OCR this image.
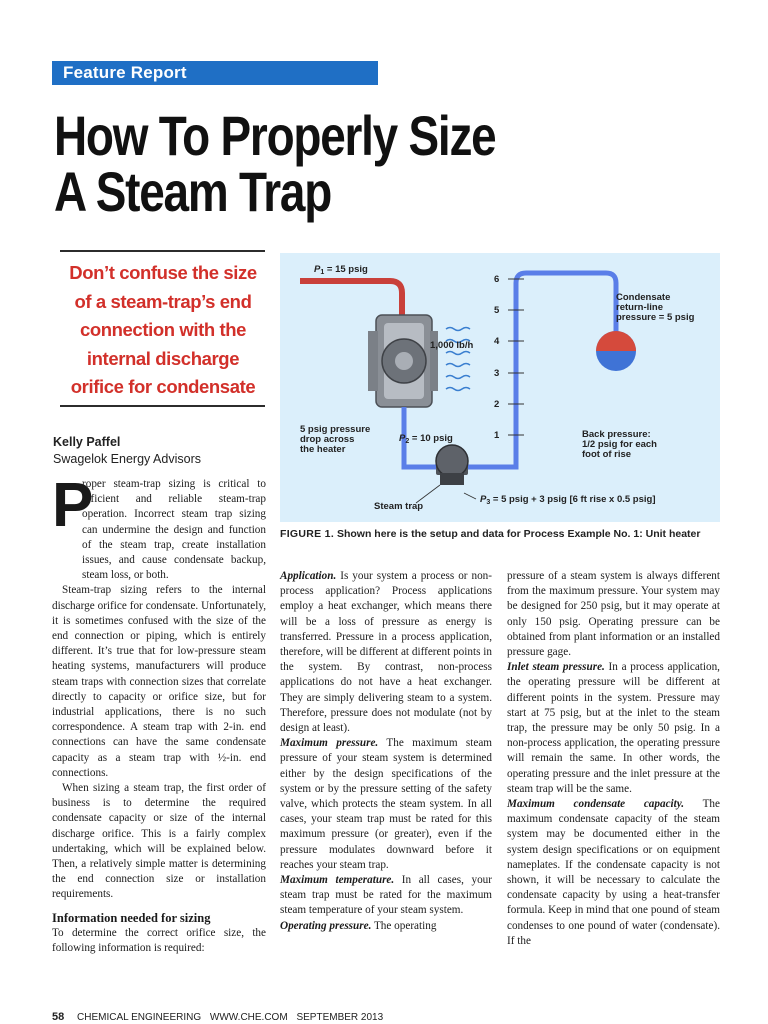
Feature Report
How To Properly Size
A Steam Trap
Don’t confuse the size of a steam-trap’s end connection with the internal discharge orifice for condensate
Kelly Paffel
Swagelok Energy Advisors
6
5
4
3
2
1
$P_1 = 15$ psig
1,000 lb/h
Condensate
return-line
pressure = 5 psig
5 psig pressure
drop across
the heater
$P_2 = 10$ psig	Back pressure:
1/2 psig for each
foot of rise
Steam trap
$P_3 = 5$ psig + 3 psig [6 ft rise x 0.5 psig]
FIGURE 1. Shown here is the setup and data for Process Example No. 1: Unit heater
P

roper steam-trap sizing is critical to efficient and reliable steam-trap operation. Incorrect steam trap sizing can undermine the design and function of the steam trap, create installation issues, and cause condensate backup, steam loss, or both.

Steam-trap sizing refers to the internal discharge orifice for condensate. Unfortunately, it is sometimes confused with the size of the end connection or piping, which is entirely different. It’s true that for low-pressure steam heating systems, manufacturers will produce steam traps with connection sizes that correlate directly to capacity or orifice size, but for industrial applications, there is no such correspondence. A steam trap with 2-in. end connections can have the same condensate capacity as a steam trap with ½-in. end connections.

When sizing a steam trap, the first order of business is to determine the required condensate capacity or size of the internal discharge orifice. This is a fairly complex undertaking, which will be explained below. Then, a relatively simple matter is determining the end connection size or installation requirements.

Information needed for sizing

To determine the correct orifice size, the following information is required:

Application. Is your system a process or non-process application? Process applications employ a heat exchanger, which means there will be a loss of pressure as energy is transferred. Pressure in a process application, therefore, will be different at different points in the system. By contrast, non-process applications do not have a heat exchanger. They are simply delivering steam to a system. Therefore, pressure does not modulate (not by design at least).

Maximum pressure. The maximum steam pressure of your steam system is determined either by the design specifications of the system or by the pressure setting of the safety valve, which protects the steam system. In all cases, your steam trap must be rated for this maximum pressure (or greater), even if the pressure modulates downward before it reaches your steam trap.

Maximum temperature. In all cases, your steam trap must be rated for the maximum steam temperature of your steam system.

Operating pressure. The operating

pressure of a steam system is always different from the maximum pressure. Your system may be designed for 250 psig, but it may operate at only 150 psig. Operating pressure can be obtained from plant information or an installed pressure gage.

Inlet steam pressure. In a process application, the operating pressure will be different at different points in the system. Pressure may start at 75 psig, but at the inlet to the steam trap, the pressure may be only 50 psig. In a non-process application, the operating pressure will remain the same. In other words, the operating pressure and the inlet pressure at the steam trap will be the same.

Maximum condensate capacity. The maximum condensate capacity of the steam system may be documented either in the system design specifications or on equipment nameplates. If the condensate capacity is not shown, it will be necessary to calculate the condensate capacity by using a heat-transfer formula. Keep in mind that one pound of steam condenses to one pound of water (condensate). If the

58 CHEMICAL ENGINEERING WWW.CHE.COM SEPTEMBER 2013
